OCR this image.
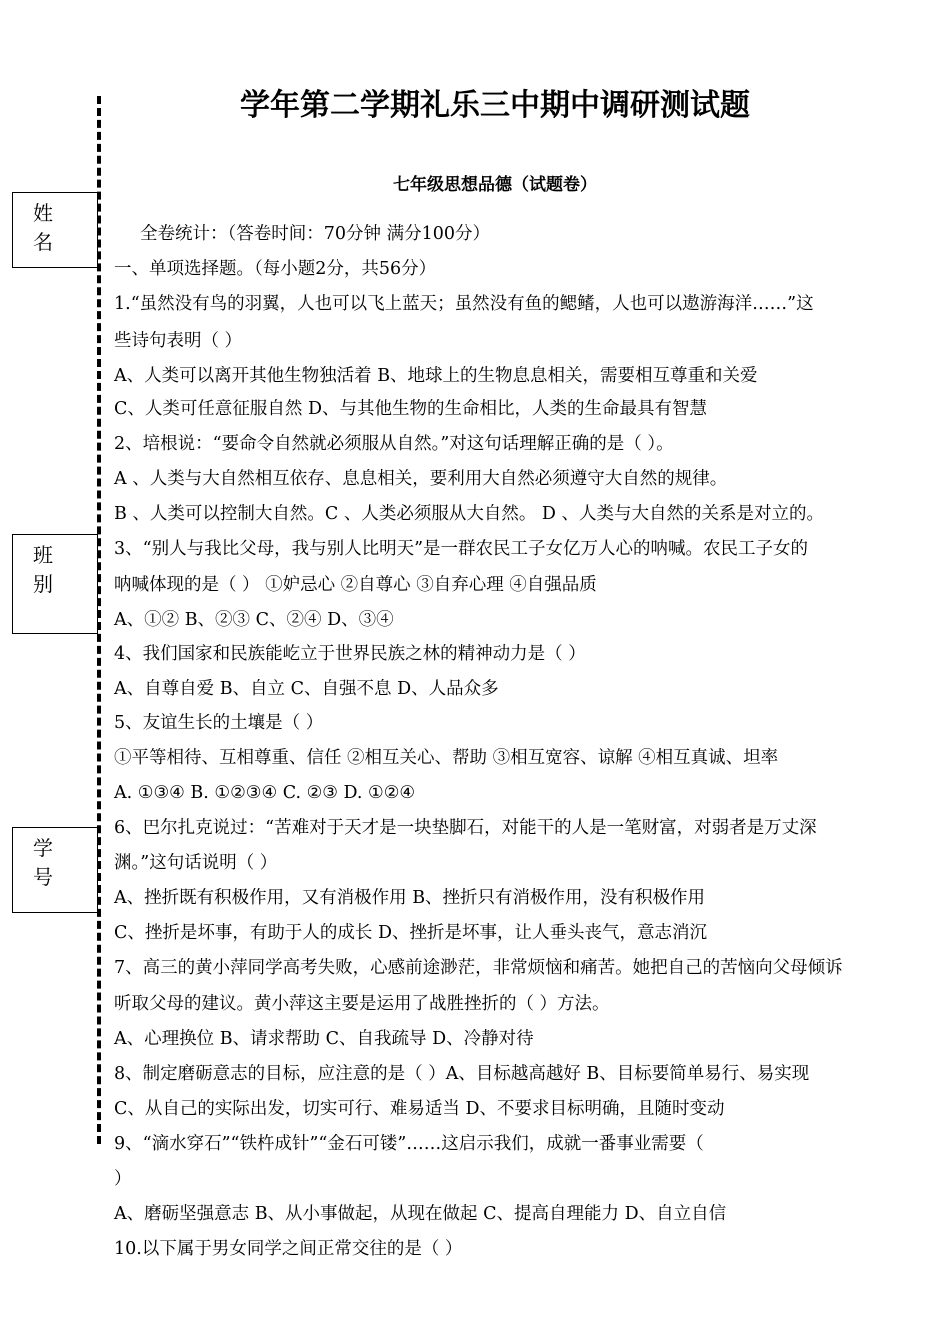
姓 名
班 别
学 号
学年第二学期礼乐三中期中调研测试题
七年级思想品德（试题卷）
全卷统计：（答卷时间：70分钟 满分100分）
一、单项选择题。（每小题2分，共56分）
1.“虽然没有鸟的羽翼，人也可以飞上蓝天；虽然没有鱼的鳃鳍，人也可以遨游海洋……”这
些诗句表明（ ）
A、人类可以离开其他生物独活着 B、地球上的生物息息相关，需要相互尊重和关爱
C、人类可任意征服自然 D、与其他生物的生命相比，人类的生命最具有智慧
2、培根说：“要命令自然就必须服从自然。”对这句话理解正确的是（ ）。
A 、人类与大自然相互依存、息息相关，要利用大自然必须遵守大自然的规律。
B 、人类可以控制大自然。C 、人类必须服从大自然。 D 、人类与大自然的关系是对立的。
3、“别人与我比父母，我与别人比明天”是一群农民工子女亿万人心的呐喊。农民工子女的
呐喊体现的是（ ） ①妒忌心 ②自尊心 ③自弃心理 ④自强品质
A、①② B、②③ C、②④ D、③④
4、我们国家和民族能屹立于世界民族之林的精神动力是（ ）
A、自尊自爱 B、自立 C、自强不息 D、人品众多
5、友谊生长的土壤是（ ）
①平等相待、互相尊重、信任 ②相互关心、帮助 ③相互宽容、谅解 ④相互真诚、坦率
A. ①③④ B. ①②③④ C. ②③ D. ①②④
6、巴尔扎克说过：“苦难对于天才是一块垫脚石，对能干的人是一笔财富，对弱者是万丈深
渊。”这句话说明（ ）
A、挫折既有积极作用，又有消极作用 B、挫折只有消极作用，没有积极作用
C、挫折是坏事，有助于人的成长 D、挫折是坏事，让人垂头丧气，意志消沉
7、高三的黄小萍同学高考失败，心感前途渺茫，非常烦恼和痛苦。她把自己的苦恼向父母倾诉
听取父母的建议。黄小萍这主要是运用了战胜挫折的（ ）方法。
A、心理换位 B、请求帮助 C、自我疏导 D、冷静对待
8、制定磨砺意志的目标，应注意的是（ ）A、目标越高越好 B、目标要简单易行、易实现
C、从自己的实际出发，切实可行、难易适当 D、不要求目标明确，且随时变动
9、“滴水穿石”“铁杵成针”“金石可镂”……这启示我们，成就一番事业需要（
）
A、磨砺坚强意志 B、从小事做起，从现在做起 C、提高自理能力 D、自立自信
10.以下属于男女同学之间正常交往的是（ ）
